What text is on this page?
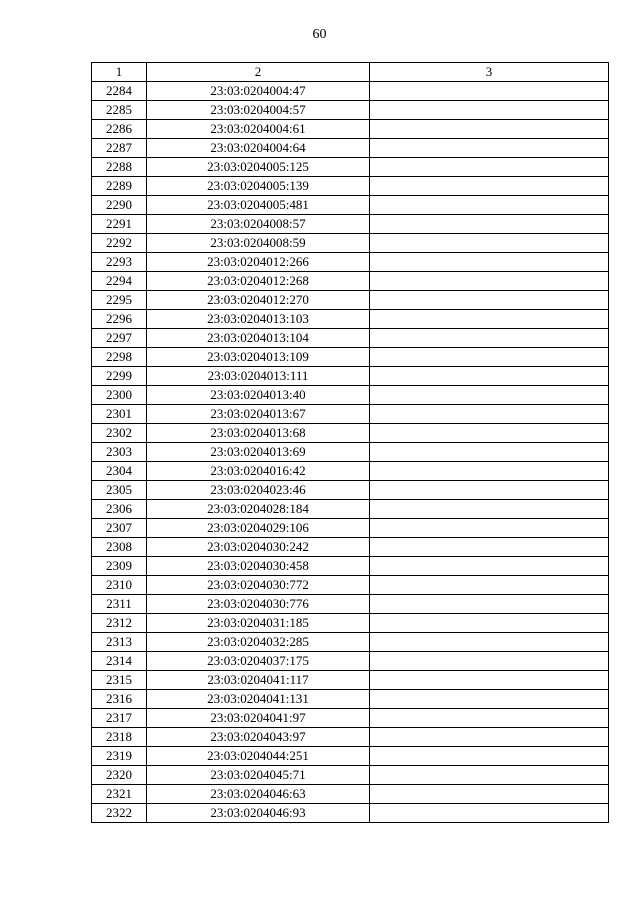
60
1	2	3
2284	23:03:0204004:47	
2285	23:03:0204004:57	
2286	23:03:0204004:61	
2287	23:03:0204004:64	
2288	23:03:0204005:125	
2289	23:03:0204005:139	
2290	23:03:0204005:481	
2291	23:03:0204008:57	
2292	23:03:0204008:59	
2293	23:03:0204012:266	
2294	23:03:0204012:268	
2295	23:03:0204012:270	
2296	23:03:0204013:103	
2297	23:03:0204013:104	
2298	23:03:0204013:109	
2299	23:03:0204013:111	
2300	23:03:0204013:40	
2301	23:03:0204013:67	
2302	23:03:0204013:68	
2303	23:03:0204013:69	
2304	23:03:0204016:42	
2305	23:03:0204023:46	
2306	23:03:0204028:184	
2307	23:03:0204029:106	
2308	23:03:0204030:242	
2309	23:03:0204030:458	
2310	23:03:0204030:772	
2311	23:03:0204030:776	
2312	23:03:0204031:185	
2313	23:03:0204032:285	
2314	23:03:0204037:175	
2315	23:03:0204041:117	
2316	23:03:0204041:131	
2317	23:03:0204041:97	
2318	23:03:0204043:97	
2319	23:03:0204044:251	
2320	23:03:0204045:71	
2321	23:03:0204046:63	
2322	23:03:0204046:93	
